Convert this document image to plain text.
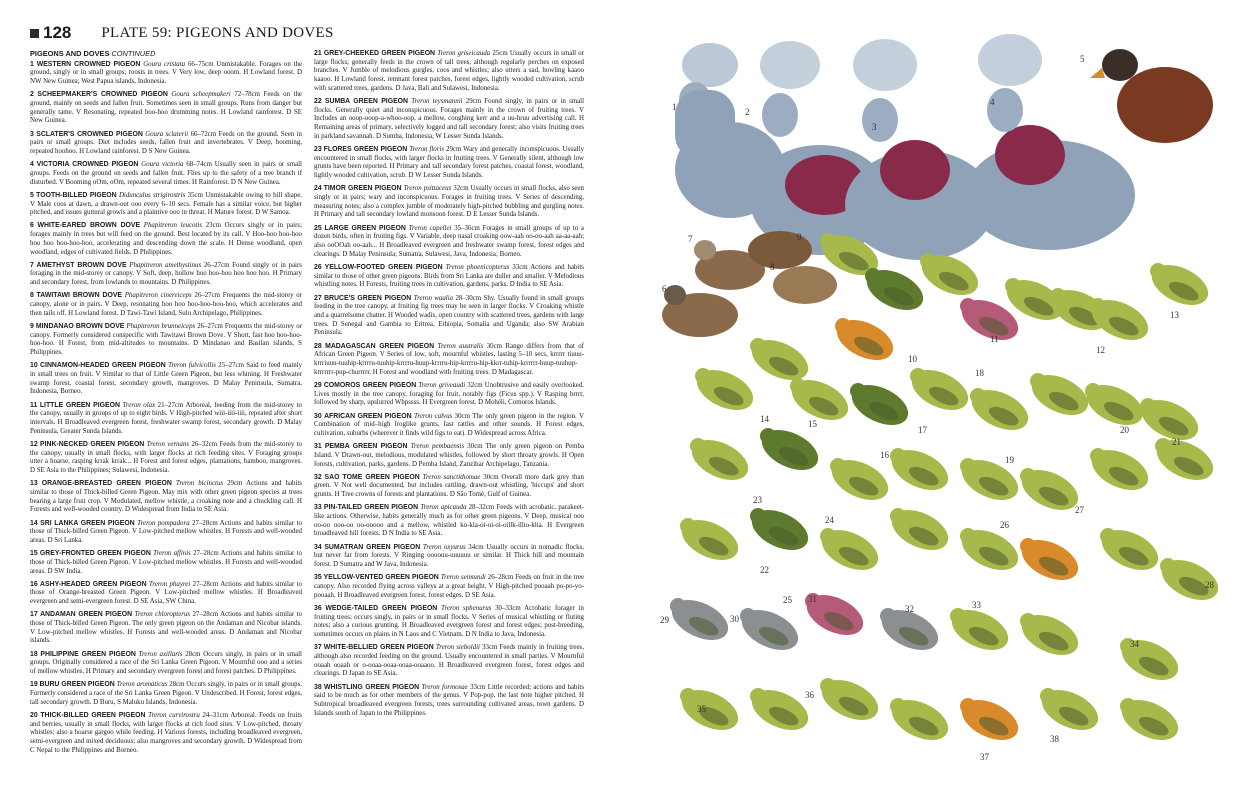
128 PLATE 59: PIGEONS AND DOVES
PIGEONS AND DOVES CONTINUED

1 WESTERN CROWNED PIGEON Goura cristata 66–75cm Unmistakable. Forages on the ground, singly or in small groups; roosts in trees. V Very low, deep ooom. H Lowland forest. D NW New Guinea; West Papua islands, Indonesia.

2 SCHEEPMAKER'S CROWNED PIGEON Goura scheepmakeri 72–78cm Feeds on the ground, mainly on seeds and fallen fruit. Sometimes seen in small groups. Runs from danger but generally tame. V Resonating, repeated hoo-hoo drumming notes. H Lowland rainforest. D SE New Guinea.

3 SCLATER'S CROWNED PIGEON Goura sclaterii 66–72cm Feeds on the ground. Seen in pairs or small groups. Diet includes seeds, fallen fruit and invertebrates. V Deep, booming, repeated hoohoo. H Lowland rainforest. D S New Guinea.

4 VICTORIA CROWNED PIGEON Goura victoria 68–74cm Usually seen in pairs or small groups. Feeds on the ground on seeds and fallen fruit. Flies up to the safety of a tree branch if disturbed. V Booming oOm, oOm, repeated several times. H Rainforest. D N New Guinea.

5 TOOTH-BILLED PIGEON Didunculus strigirostris 35cm Unmistakable owing to bill shape. V Male coos at dawn, a drawn-out ooo every 6–10 secs. Female has a similar voice, but higher pitched, and issues guttural growls and a plaintive ooo in threat. H Mature forest. D W Samoa.

6 WHITE-EARED BROWN DOVE Phapitreron leucotis 23cm Occurs singly or in pairs; forages mainly in trees but will feed on the ground. Best located by its call. V Hoo-hoo hoo-hoo hoo hoo hoo-hoo-hoo, accelerating and descending down the scale. H Dense woodland, open woodland, edges of cultivated fields. D Philippines.

7 AMETHYST BROWN DOVE Phapitreron amethystinus 26–27cm Found singly or in pairs foraging in the mid-storey or canopy. V Soft, deep, hollow hoo hoo-hoo hoo hoo hoo. H Primary and secondary forest, from lowlands to mountains. D Philippines.

8 TAWITAWI BROWN DOVE Phapitreron cinereiceps 26–27cm Frequents the mid-storey or canopy, alone or in pairs. V Deep, resonating hoo hoo hoo-hoo-hoo-hoo, which accelerates and then tails off. H Lowland forest. D Tawi-Tawi Island, Sulu Archipelago, Philippines.

9 MINDANAO BROWN DOVE Phapitreron brunneiceps 26–27cm Frequents the mid-storey or canopy. Formerly considered conspecific with Tawitawi Brown Dove. V Short, fast hoo hoo-hoo-hoo-hoo. H Forest, from mid-altitudes to mountains. D Mindanao and Basilan islands, S Philippines.

10 CINNAMON-HEADED GREEN PIGEON Treron fulvicollis 25–27cm Said to feed mainly in small trees on fruit. V Similar to that of Little Green Pigeon, but less whining. H Freshwater swamp forest, coastal forest, secondary growth, mangroves. D Malay Peninsula, Sumatra, Indonesia, Borneo.

11 LITTLE GREEN PIGEON Treron olax 21–27cm Arboreal, feeding from the mid-storey to the canopy, usually in groups of up to eight birds. V High-pitched wiii-iiii-iiii, repeated after short intervals. H Broadleaved evergreen forest, freshwater swamp forest, secondary growth. D Malay Peninsula, Greater Sunda Islands.

12 PINK-NECKED GREEN PIGEON Treron vernans 26–32cm Feeds from the mid-storey to the canopy, usually in small flocks, with larger flocks at rich feeding sites. V Foraging groups utter a hoarse, rasping krrak krrak... H Forest and forest edges, plantations, bamboo, mangroves. D SE Asia to the Philippines; Sulawesi, Indonesia.

13 ORANGE-BREASTED GREEN PIGEON Treron bicinctus 29cm Actions and habits similar to those of Thick-billed Green Pigeon. May mix with other green pigeon species at trees bearing a large fruit crop. V Modulated, mellow whistle, a croaking note and a chuckling call. H Forests and well-wooded country. D Widespread from India to SE Asia.

14 SRI LANKA GREEN PIGEON Treron pompadora 27–28cm Actions and habits similar to those of Thick-billed Green Pigeon. V Low-pitched mellow whistles. H Forests and well-wooded areas. D Sri Lanka.

15 GREY-FRONTED GREEN PIGEON Treron affinis 27–28cm Actions and habits similar to those of Thick-billed Green Pigeon. V Low-pitched mellow whistles. H Forests and well-wooded areas. D SW India.

16 ASHY-HEADED GREEN PIGEON Treron phayrei 27–28cm Actions and habits similar to those of Orange-breasted Green Pigeon. V Low-pitched mellow whistles. H Broadleaved evergreen and semi-evergreen forest. D SE Asia, SW China.

17 ANDAMAN GREEN PIGEON Treron chloropterus 27–28cm Actions and habits similar to those of Thick-billed Green Pigeon. The only green pigeon on the Andaman and Nicobar islands. V Low-pitched mellow whistles. H Forests and well-wooded areas. D Andaman and Nicobar islands.

18 PHILIPPINE GREEN PIGEON Treron axillaris 28cm Occurs singly, in pairs or in small groups. Originally considered a race of the Sri Lanka Green Pigeon. V Mournful ooo and a series of mellow whistles. H Primary and secondary evergreen forest and forest patches. D Philippines.

19 BURU GREEN PIGEON Treron aromaticus 28cm Occurs singly, in pairs or in small groups. Formerly considered a race of the Sri Lanka Green Pigeon. V Undescribed. H Forest, forest edges, tall secondary growth. D Buru, S Maluku Islands, Indonesia.

20 THICK-BILLED GREEN PIGEON Treron curvirostra 24–31cm Arboreal. Feeds on fruits and berries, usually in small flocks, with larger flocks at rich food sites. V Low-pitched, throaty whistles; also a hoarse gargoo while feeding. H Various forests, including broadleaved evergreen, semi-evergreen and mixed deciduous; also mangroves and secondary growth. D Widespread from C Nepal to the Philippines and Borneo.

21 GREY-CHEEKED GREEN PIGEON Treron griseicauda 25cm Usually occurs in small or large flocks; generally feeds in the crown of tall trees, although regularly perches on exposed branches. V Jumble of melodious gurgles, coos and whistles; also utters a sad, howling kaaoo kaaoo. H Lowland forest, remnant forest patches, forest edges, lightly wooded cultivation, scrub with scattered trees, gardens. D Java, Bali and Sulawesi, Indonesia.

22 SUMBA GREEN PIGEON Treron teysmannii 29cm Found singly, in pairs or in small flocks. Generally quiet and inconspicuous. Forages mainly in the crown of fruiting trees. V Includes an ooop-ooop-a-whoo-oop, a mellow, coughing kerr and a uu-hruu advertising call. H Remaining areas of primary, selectively logged and tall secondary forest; also visits fruiting trees in parkland savannah. D Sumba, Indonesia, W Lesser Sunda Islands.

23 FLORES GREEN PIGEON Treron floris 29cm Wary and generally inconspicuous. Usually encountered in small flocks, with larger flocks in fruiting trees. V Generally silent, although low grunts have been reported. H Primary and tall secondary forest patches, coastal forest, woodland, lightly wooded cultivation, scrub. D W Lesser Sunda Islands.

24 TIMOR GREEN PIGEON Treron psittaceus 32cm Usually occurs in small flocks, also seen singly or in pairs; wary and inconspicuous. Forages in fruiting trees. V Series of descending, measuring notes; also a complex jumble of moderately high-pitched bubbling and gurgling notes. H Primary and tall secondary lowland monsoon forest. D E Lesser Sunda Islands.

25 LARGE GREEN PIGEON Treron capellei 35–36cm Forages in small groups of up to a dozen birds, often in fruiting figs. V Variable, deep nasal croaking oow-aah oo-oo-aah aa-aa-aah; also ooOOah oo-aah... H Broadleaved evergreen and freshwater swamp forest, forest edges and clearings. D Malay Peninsula; Sumatra, Sulawesi, Java, Indonesia; Borneo.

26 YELLOW-FOOTED GREEN PIGEON Treron phoenicopterus 33cm Actions and habits similar to those of other green pigeons. Birds from Sri Lanka are duller and smaller. V Melodious whistling notes. H Forests, fruiting trees in cultivation, gardens, parks. D India to SE Asia.

27 BRUCE'S GREEN PIGEON Treron waalia 28–30cm Shy. Usually found in small groups feeding in the tree canopy, at fruiting fig trees may be seen in larger flocks. V Croaking whistle and a quarrelsome chatter. H Wooded wadis, open country with scattered trees, gardens with large trees. D Senegal and Gambia to Eritrea, Ethiopia, Somalia and Uganda; also SW Arabian Peninsula.

28 MADAGASCAN GREEN PIGEON Treron australis 30cm Range differs from that of African Green Pigeon. V Series of low, soft, mournful whistles, lasting 5–10 secs, krrrrr tiuuu-krrriuuu-tuuhip-krrrru-tuuhip-krrrru-huup-krrrru-hip-krrrru-hip-kkrr-tuhip-krrrrrr-huup-tuuhup-krrrrrrr-pup-churrrrr. H Forest and woodland with fruiting trees. D Madagascar.

29 COMOROS GREEN PIGEON Treron griveaudi 32cm Unobtrusive and easily overlooked. Lives mostly in the tree canopy, foraging for fruit, notably figs (Ficus spp.). V Rasping brrrr, followed by sharp, upslurred Whpssss. H Evergreen forest. D Mohéli, Comoros Islands.

30 AFRICAN GREEN PIGEON Treron calvus 30cm The only green pigeon in the region. V Combination of mid–high froglike grunts, fast rattles and other sounds. H Forest edges, cultivation, suburbs (wherever it finds wild figs to eat). D Widespread across Africa.

31 PEMBA GREEN PIGEON Treron pembaensis 30cm The only green pigeon on Pemba Island. V Drawn-out, melodious, modulated whistles, followed by short throaty growls. H Open forests, cultivation, parks, gardens. D Pemba Island, Zanzibar Archipelago, Tanzania.

32 SAO TOME GREEN PIGEON Treron sanctithomae 30cm Overall more dark grey than green. V Not well documented, but includes rattling, drawn-out whistling, 'hiccups' and short grunts. H Tree crowns of forests and plantations. D São Tomé, Gulf of Guinea.

33 PIN-TAILED GREEN PIGEON Treron apicauda 28–32cm Feeds with acrobatic, parakeet-like actions. Otherwise, habits generally much as for other green pigeons. V Deep, musical ooo oo-oo ooo-oo oo-ooooo and a mellow, whistled ko-kla-oi-oi-oi-oillk-illio-klia. H Evergreen broadleaved hill forests. D N India to SE Asia.

34 SUMATRAN GREEN PIGEON Treron oxyurus 34cm Usually occurs in nomadic flocks, but never far from forests. V Ringing oooouu-uuuuuu or similar. H Thick hill and mountain forest. D Sumatra and W Java, Indonesia.

35 YELLOW-VENTED GREEN PIGEON Treron seimundi 26–28cm Feeds on fruit in the tree canopy. Also recorded flying across valleys at a great height. V High-pitched pooaah po-po-yo-pooaah. H Broadleaved evergreen forest, forest edges. D SE Asia.

36 WEDGE-TAILED GREEN PIGEON Treron sphenurus 30–33cm Acrobatic forager in fruiting trees; occurs singly, in pairs or in small flocks. V Series of musical whistling or fluting notes; also a curious grunting. H Broadleaved evergreen forest and forest edges; post-breeding, sometimes occurs on plains in N Laos and C Vietnam. D N India to Java, Indonesia.

37 WHITE-BELLIED GREEN PIGEON Treron sieboldii 33cm Feeds mainly in fruiting trees, although also recorded feeding on the ground. Usually encountered in small parties. V Mournful ooaah ooaah or o-ooaa-ooaa-ooaa-ooaaoo. H Broadleaved evergreen forest, forest edges and clearings. D Japan to SE Asia.

38 WHISTLING GREEN PIGEON Treron formosae 33cm Little recorded; actions and habits said to be much as for other members of the genus. V Pop-pop, the last note higher pitched. H Subtropical broadleaved evergreen forests, trees surrounding cultivated areas, town gardens. D Islands south of Japan to the Philippines.

1	2
3
4
5
6
7
8
9
10
11
12
13
14	15
16
17
18
19
20
21
22
23
24
25
26
27
28
29	30
31
32	33
34
35
36
37
38
